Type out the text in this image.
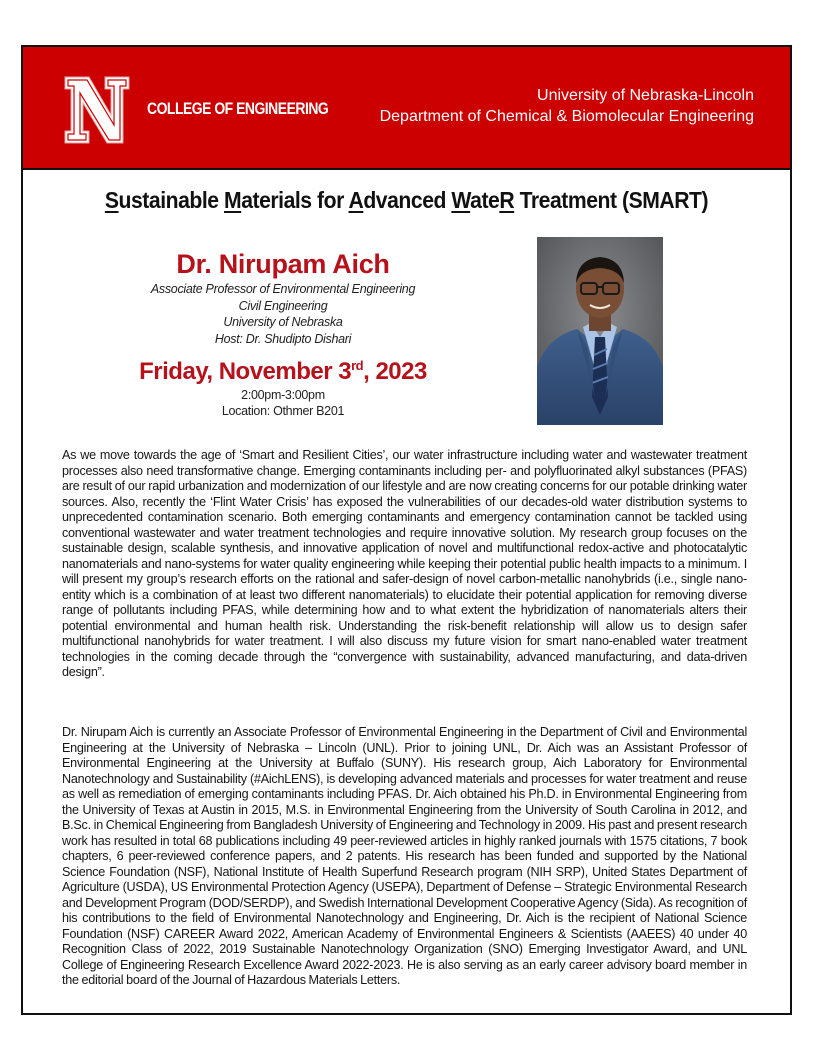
COLLEGE OF ENGINEERING
University of Nebraska-Lincoln
Department of Chemical & Biomolecular Engineering
Sustainable Materials for Advanced WateR Treatment (SMART)
Dr. Nirupam Aich
Associate Professor of Environmental Engineering
Civil Engineering
University of Nebraska
Host: Dr. Shudipto Dishari
Friday, November 3rd, 2023
2:00pm-3:00pm
Location: Othmer B201
As we move towards the age of ‘Smart and Resilient Cities’, our water infrastructure including water and wastewater treatment processes also need transformative change. Emerging contaminants including per- and polyfluorinated alkyl substances (PFAS) are result of our rapid urbanization and modernization of our lifestyle and are now creating concerns for our potable drinking water sources. Also, recently the ‘Flint Water Crisis’ has exposed the vulnerabilities of our decades-old water distribution systems to unprecedented contamination scenario. Both emerging contaminants and emergency contamination cannot be tackled using conventional wastewater and water treatment technologies and require innovative solution. My research group focuses on the sustainable design, scalable synthesis, and innovative application of novel and multifunctional redox-active and photocatalytic nanomaterials and nano-systems for water quality engineering while keeping their potential public health impacts to a minimum. I will present my group’s research efforts on the rational and safer-design of novel carbon-metallic nanohybrids (i.e., single nano-entity which is a combination of at least two different nanomaterials) to elucidate their potential application for removing diverse range of pollutants including PFAS, while determining how and to what extent the hybridization of nanomaterials alters their potential environmental and human health risk. Understanding the risk-benefit relationship will allow us to design safer multifunctional nanohybrids for water treatment. I will also discuss my future vision for smart nano-enabled water treatment technologies in the coming decade through the “convergence with sustainability, advanced manufacturing, and data-driven design”.
Dr. Nirupam Aich is currently an Associate Professor of Environmental Engineering in the Department of Civil and Environmental Engineering at the University of Nebraska – Lincoln (UNL). Prior to joining UNL, Dr. Aich was an Assistant Professor of Environmental Engineering at the University at Buffalo (SUNY). His research group, Aich Laboratory for Environmental Nanotechnology and Sustainability (#AichLENS), is developing advanced materials and processes for water treatment and reuse as well as remediation of emerging contaminants including PFAS. Dr. Aich obtained his Ph.D. in Environmental Engineering from the University of Texas at Austin in 2015, M.S. in Environmental Engineering from the University of South Carolina in 2012, and B.Sc. in Chemical Engineering from Bangladesh University of Engineering and Technology in 2009. His past and present research work has resulted in total 68 publications including 49 peer-reviewed articles in highly ranked journals with 1575 citations, 7 book chapters, 6 peer-reviewed conference papers, and 2 patents. His research has been funded and supported by the National Science Foundation (NSF), National Institute of Health Superfund Research program (NIH SRP), United States Department of Agriculture (USDA), US Environmental Protection Agency (USEPA), Department of Defense – Strategic Environmental Research and Development Program (DOD/SERDP), and Swedish International Development Cooperative Agency (Sida). As recognition of his contributions to the field of Environmental Nanotechnology and Engineering, Dr. Aich is the recipient of National Science Foundation (NSF) CAREER Award 2022, American Academy of Environmental Engineers & Scientists (AAEES) 40 under 40 Recognition Class of 2022, 2019 Sustainable Nanotechnology Organization (SNO) Emerging Investigator Award, and UNL College of Engineering Research Excellence Award 2022-2023. He is also serving as an early career advisory board member in the editorial board of the Journal of Hazardous Materials Letters.
